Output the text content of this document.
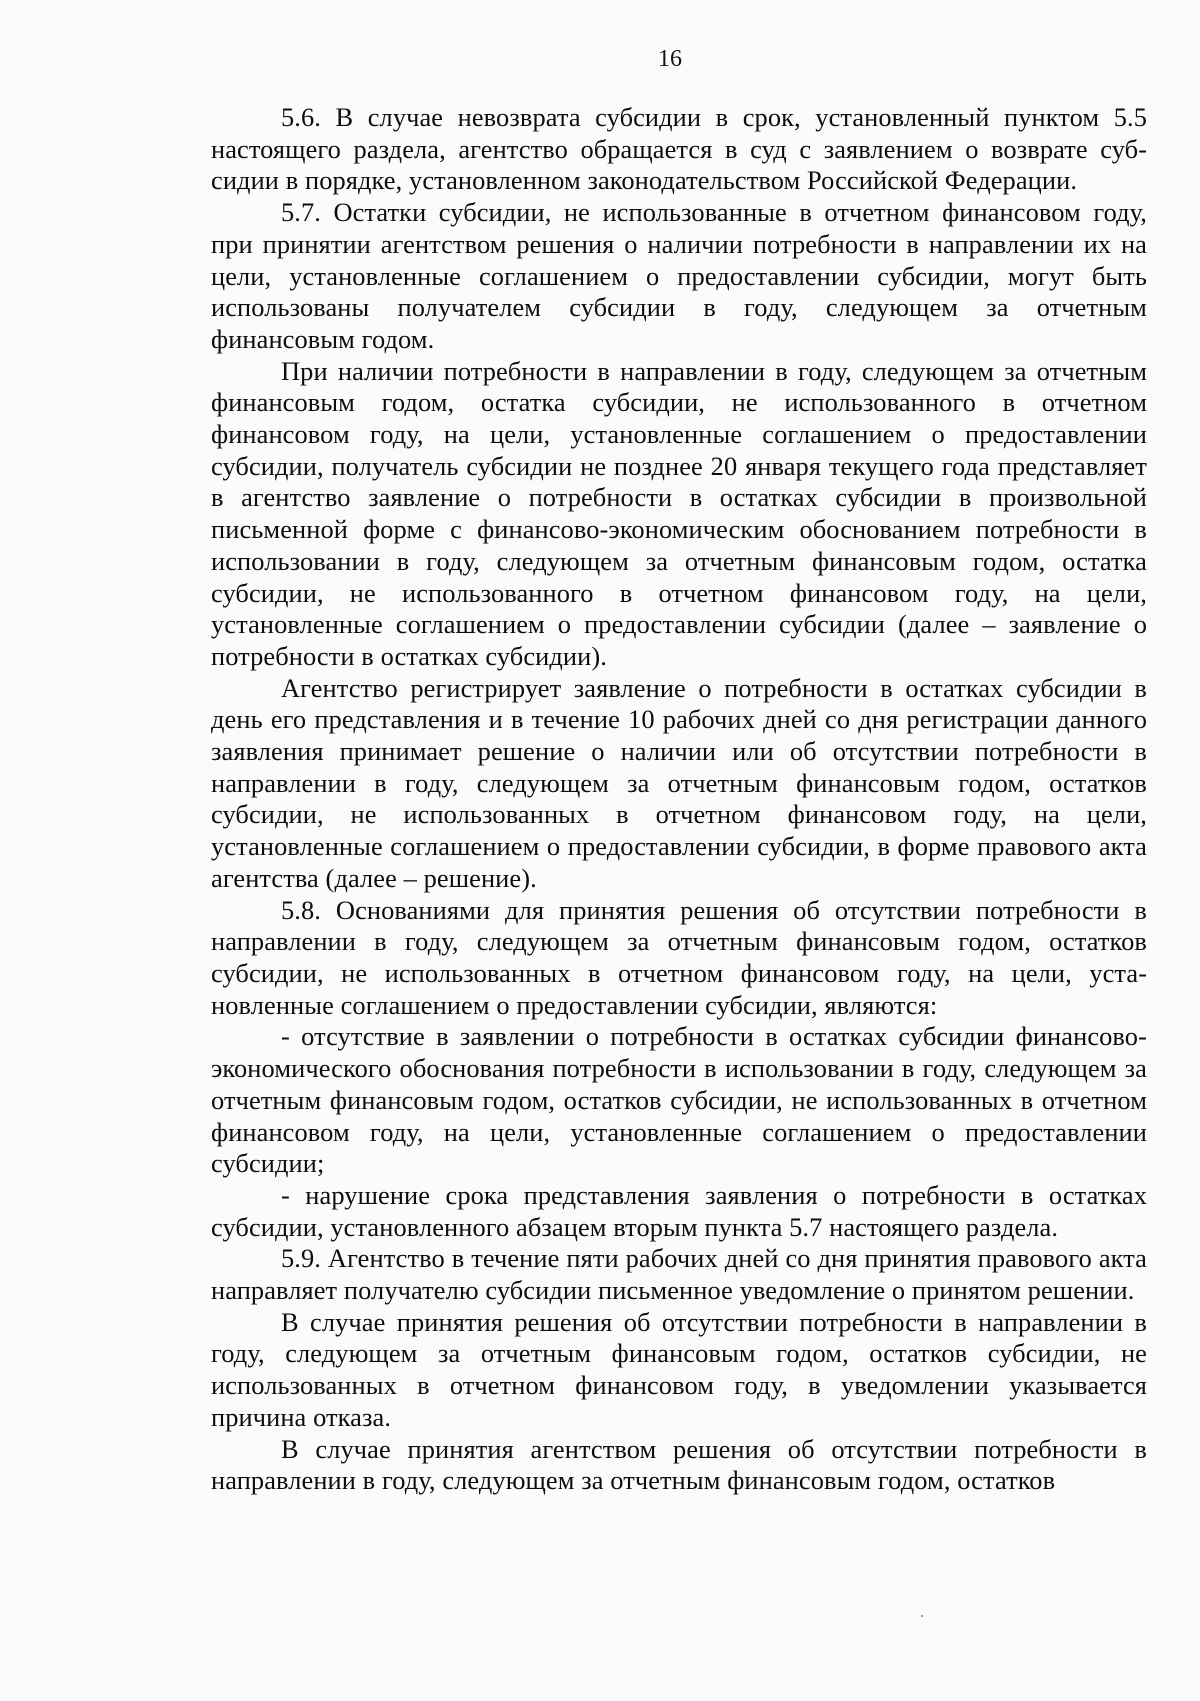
16

5.6. В случае невозврата субсидии в срок, установленный пунктом 5.5 настоящего раздела, агентство обращается в суд с заявлением о возврате субсидии в порядке, установленном законодательством Российской Федерации.

5.7. Остатки субсидии, не использованные в отчетном финансовом году, при принятии агентством решения о наличии потребности в направлении их на цели, установленные соглашением о предоставлении субсидии, могут быть использованы получателем субсидии в году, следующем за отчетным финансовым годом.

При наличии потребности в направлении в году, следующем за отчетным финансовым годом, остатка субсидии, не использованного в отчетном финансовом году, на цели, установленные соглашением о предоставлении субсидии, получатель субсидии не позднее 20 января текущего года представляет в агентство заявление о потребности в остатках субсидии в произвольной письменной форме с финансово-экономическим обоснованием потребности в использовании в году, следующем за отчетным финансовым годом, остатка субсидии, не использованного в отчетном финансовом году, на цели, установленные соглашением о предоставлении субсидии (далее – заявление о потребности в остатках субсидии).

Агентство регистрирует заявление о потребности в остатках субсидии в день его представления и в течение 10 рабочих дней со дня регистрации данного заявления принимает решение о наличии или об отсутствии потребности в направлении в году, следующем за отчетным финансовым годом, остатков субсидии, не использованных в отчетном финансовом году, на цели, установленные соглашением о предоставлении субсидии, в форме правового акта агентства (далее – решение).

5.8. Основаниями для принятия решения об отсутствии потребности в направлении в году, следующем за отчетным финансовым годом, остатков субсидии, не использованных в отчетном финансовом году, на цели, установленные соглашением о предоставлении субсидии, являются:

- отсутствие в заявлении о потребности в остатках субсидии финансово-экономического обоснования потребности в использовании в году, следующем за отчетным финансовым годом, остатков субсидии, не использованных в отчетном финансовом году, на цели, установленные соглашением о предоставлении субсидии;

- нарушение срока представления заявления о потребности в остатках субсидии, установленного абзацем вторым пункта 5.7 настоящего раздела.

5.9. Агентство в течение пяти рабочих дней со дня принятия правового акта направляет получателю субсидии письменное уведомление о принятом решении.

В случае принятия решения об отсутствии потребности в направлении в году, следующем за отчетным финансовым годом, остатков субсидии, не использованных в отчетном финансовом году, в уведомлении указывается причина отказа.

В случае принятия агентством решения об отсутствии потребности в направлении в году, следующем за отчетным финансовым годом, остатков
